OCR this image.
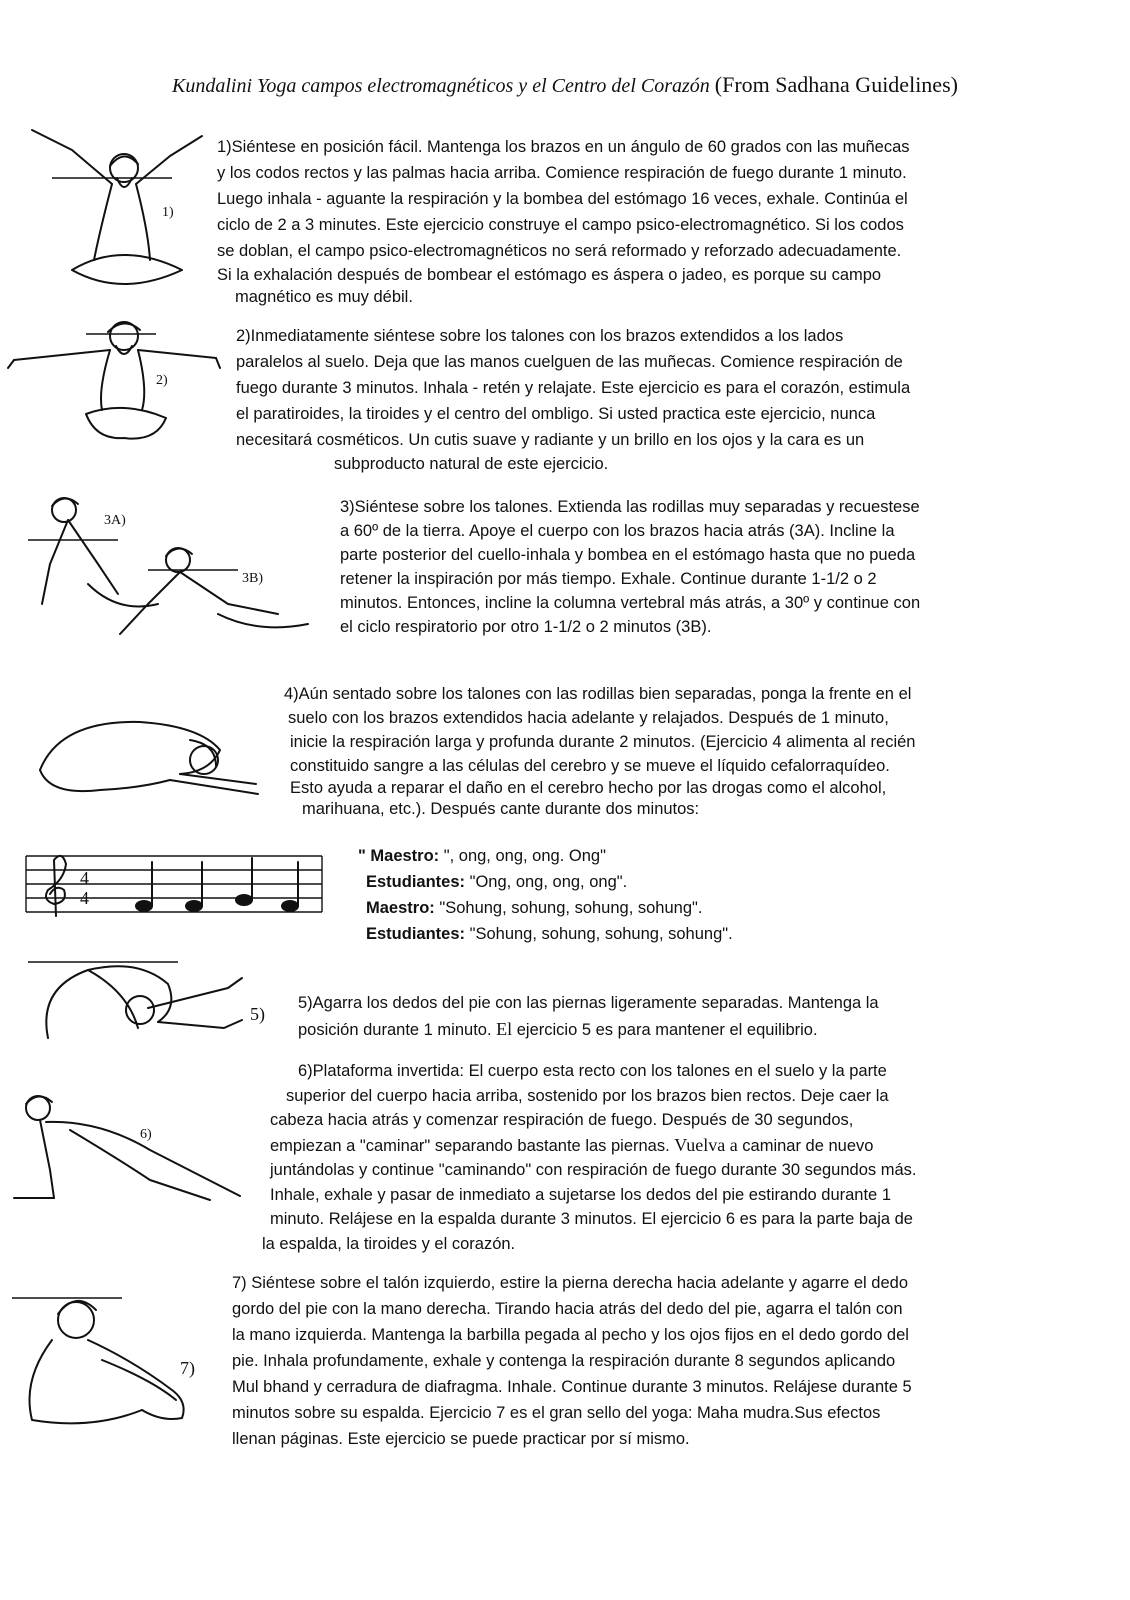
Kundalini Yoga campos electromagnéticos y el Centro del Corazón (From Sadhana Guidelines)
1)
2)
3A)
3B)
4
4
5)
6)
7)

1)Siéntese en posición fácil. Mantenga los brazos en un ángulo de 60 grados con las muñecas

y los codos rectos y las palmas hacia arriba. Comience respiración de fuego durante 1 minuto.

Luego inhala - aguante la respiración y la bombea del estómago 16 veces, exhale. Continúa el

ciclo de 2 a 3 minutes. Este ejercicio construye el campo psico-electromagnético. Si los codos

se doblan, el campo psico-electromagnéticos no será reformado y reforzado adecuadamente.

Si la exhalación después de bombear el estómago es áspera o jadeo, es porque su campo

magnético es muy débil.

2)Inmediatamente siéntese sobre los talones con los brazos extendidos a los lados

paralelos al suelo. Deja que las manos cuelguen de las muñecas. Comience respiración de

fuego durante 3 minutos. Inhala - retén y relajate. Este ejercicio es para el corazón, estimula

el paratiroides, la tiroides y el centro del ombligo. Si usted practica este ejercicio, nunca

necesitará cosméticos. Un cutis suave y radiante y un brillo en los ojos y la cara es un

subproducto natural de este ejercicio.

3)Siéntese sobre los talones. Extienda las rodillas muy separadas y recuestese

a 60º de la tierra. Apoye el cuerpo con los brazos hacia atrás (3A). Incline la

parte posterior del cuello-inhala y bombea en el estómago hasta que no pueda

retener la inspiración por más tiempo. Exhale. Continue durante 1-1/2 o 2

minutos. Entonces, incline la columna vertebral más atrás, a 30º y continue con

el ciclo respiratorio por otro 1-1/2 o 2 minutos (3B).

4)Aún sentado sobre los talones con las rodillas bien separadas, ponga la frente en el

suelo con los brazos extendidos hacia adelante y relajados. Después de 1 minuto,

inicie la respiración larga y profunda durante 2 minutos. (Ejercicio 4 alimenta al recién

constituido sangre a las células del cerebro y se mueve el líquido cefalorraquídeo.

Esto ayuda a reparar el daño en el cerebro hecho por las drogas como el alcohol,

marihuana, etc.). Después cante durante dos minutos:

" Maestro: ", ong, ong, ong. Ong"

Estudiantes: "Ong, ong, ong, ong".

Maestro: "Sohung, sohung, sohung, sohung".

Estudiantes: "Sohung, sohung, sohung, sohung".

5)Agarra los dedos del pie con las piernas ligeramente separadas. Mantenga la

posición durante 1 minuto. El ejercicio 5 es para mantener el equilibrio.

6)Plataforma invertida: El cuerpo esta recto con los talones en el suelo y la parte

superior del cuerpo hacia arriba, sostenido por los brazos bien rectos. Deje caer la

cabeza hacia atrás y comenzar respiración de fuego. Después de 30 segundos,

empiezan a "caminar" separando bastante las piernas. Vuelva a caminar de nuevo

juntándolas y continue "caminando" con respiración de fuego durante 30 segundos más.

Inhale, exhale y pasar de inmediato a sujetarse los dedos del pie estirando durante 1

minuto. Relájese en la espalda durante 3 minutos. El ejercicio 6 es para la parte baja de

la espalda, la tiroides y el corazón.

7) Siéntese sobre el talón izquierdo, estire la pierna derecha hacia adelante y agarre el dedo

gordo del pie con la mano derecha. Tirando hacia atrás del dedo del pie, agarra el talón con

la mano izquierda. Mantenga la barbilla pegada al pecho y los ojos fijos en el dedo gordo del

pie. Inhala profundamente, exhale y contenga la respiración durante 8 segundos aplicando

Mul bhand y cerradura de diafragma. Inhale. Continue durante 3 minutos. Relájese durante 5

minutos sobre su espalda. Ejercicio 7 es el gran sello del yoga: Maha mudra.Sus efectos

llenan páginas. Este ejercicio se puede practicar por sí mismo.
